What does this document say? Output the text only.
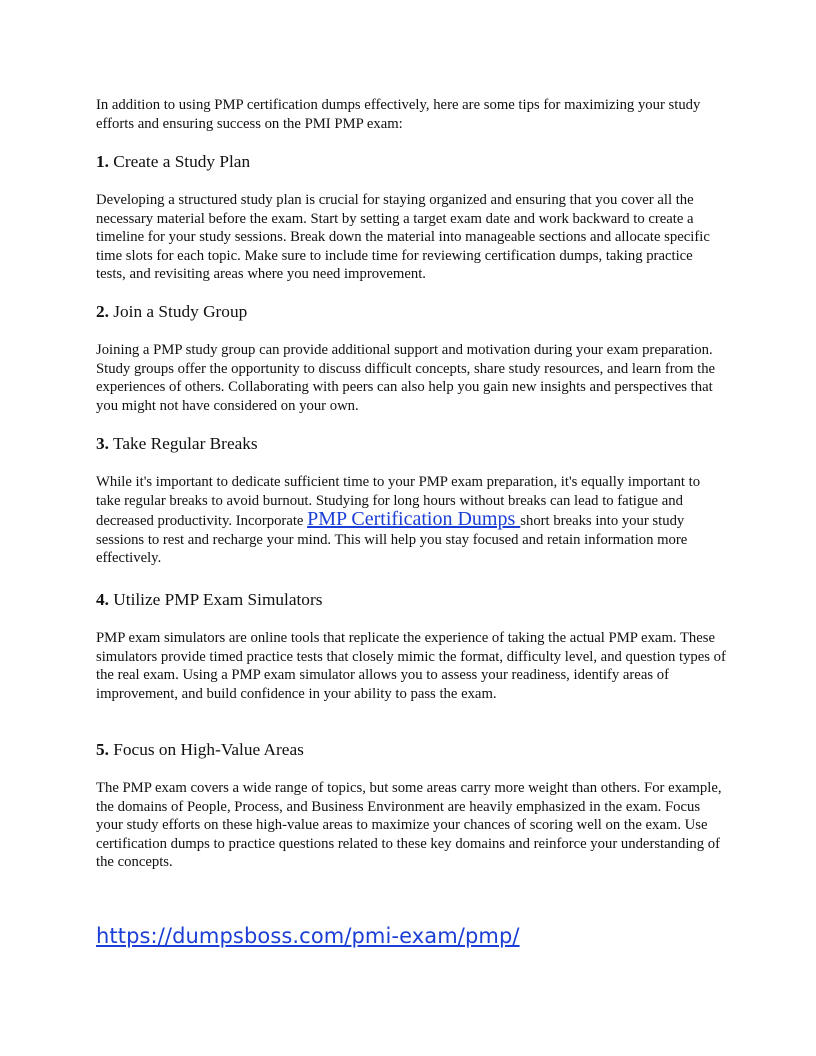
In addition to using PMP certification dumps effectively, here are some tips for maximizing your study efforts and ensuring success on the PMI PMP exam:

1. Create a Study Plan

Developing a structured study plan is crucial for staying organized and ensuring that you cover all the necessary material before the exam. Start by setting a target exam date and work backward to create a timeline for your study sessions. Break down the material into manageable sections and allocate specific time slots for each topic. Make sure to include time for reviewing certification dumps, taking practice tests, and revisiting areas where you need improvement.

2. Join a Study Group

Joining a PMP study group can provide additional support and motivation during your exam preparation. Study groups offer the opportunity to discuss difficult concepts, share study resources, and learn from the experiences of others. Collaborating with peers can also help you gain new insights and perspectives that you might not have considered on your own.

3. Take Regular Breaks

While it's important to dedicate sufficient time to your PMP exam preparation, it's equally important to take regular breaks to avoid burnout. Studying for long hours without breaks can lead to fatigue and decreased productivity. Incorporate PMP Certification Dumps short breaks into your study sessions to rest and recharge your mind. This will help you stay focused and retain information more effectively.

4. Utilize PMP Exam Simulators

PMP exam simulators are online tools that replicate the experience of taking the actual PMP exam. These simulators provide timed practice tests that closely mimic the format, difficulty level, and question types of the real exam. Using a PMP exam simulator allows you to assess your readiness, identify areas of improvement, and build confidence in your ability to pass the exam.

5. Focus on High-Value Areas

The PMP exam covers a wide range of topics, but some areas carry more weight than others. For example, the domains of People, Process, and Business Environment are heavily emphasized in the exam. Focus your study efforts on these high-value areas to maximize your chances of scoring well on the exam. Use certification dumps to practice questions related to these key domains and reinforce your understanding of the concepts.

https://dumpsboss.com/pmi-exam/pmp/
